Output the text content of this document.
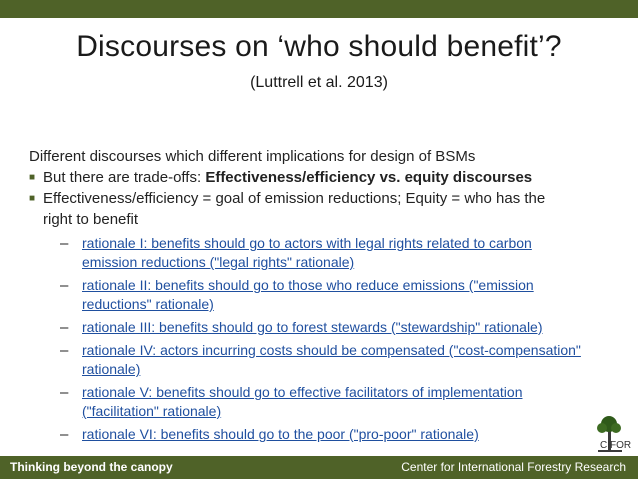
Discourses on ‘who should benefit’?
(Luttrell et al. 2013)
Different discourses which different implications for design of BSMs
■ But there are trade-offs: Effectiveness/efficiency vs. equity discourses
■ Effectiveness/efficiency = goal of emission reductions; Equity = who has the
right to benefit
– rationale I: benefits should go to actors with legal rights related to carbon
emission reductions ("legal rights" rationale)
– rationale II: benefits should go to those who reduce emissions ("emission
reductions" rationale)
– rationale III: benefits should go to forest stewards ("stewardship" rationale)
– rationale IV: actors incurring costs should be compensated ("cost-compensation"
rationale)
– rationale V: benefits should go to effective facilitators of implementation
("facilitation" rationale)
– rationale VI: benefits should go to the poor ("pro-poor" rationale)
CIFOR
Thinking beyond the canopy	Center for International Forestry Research
